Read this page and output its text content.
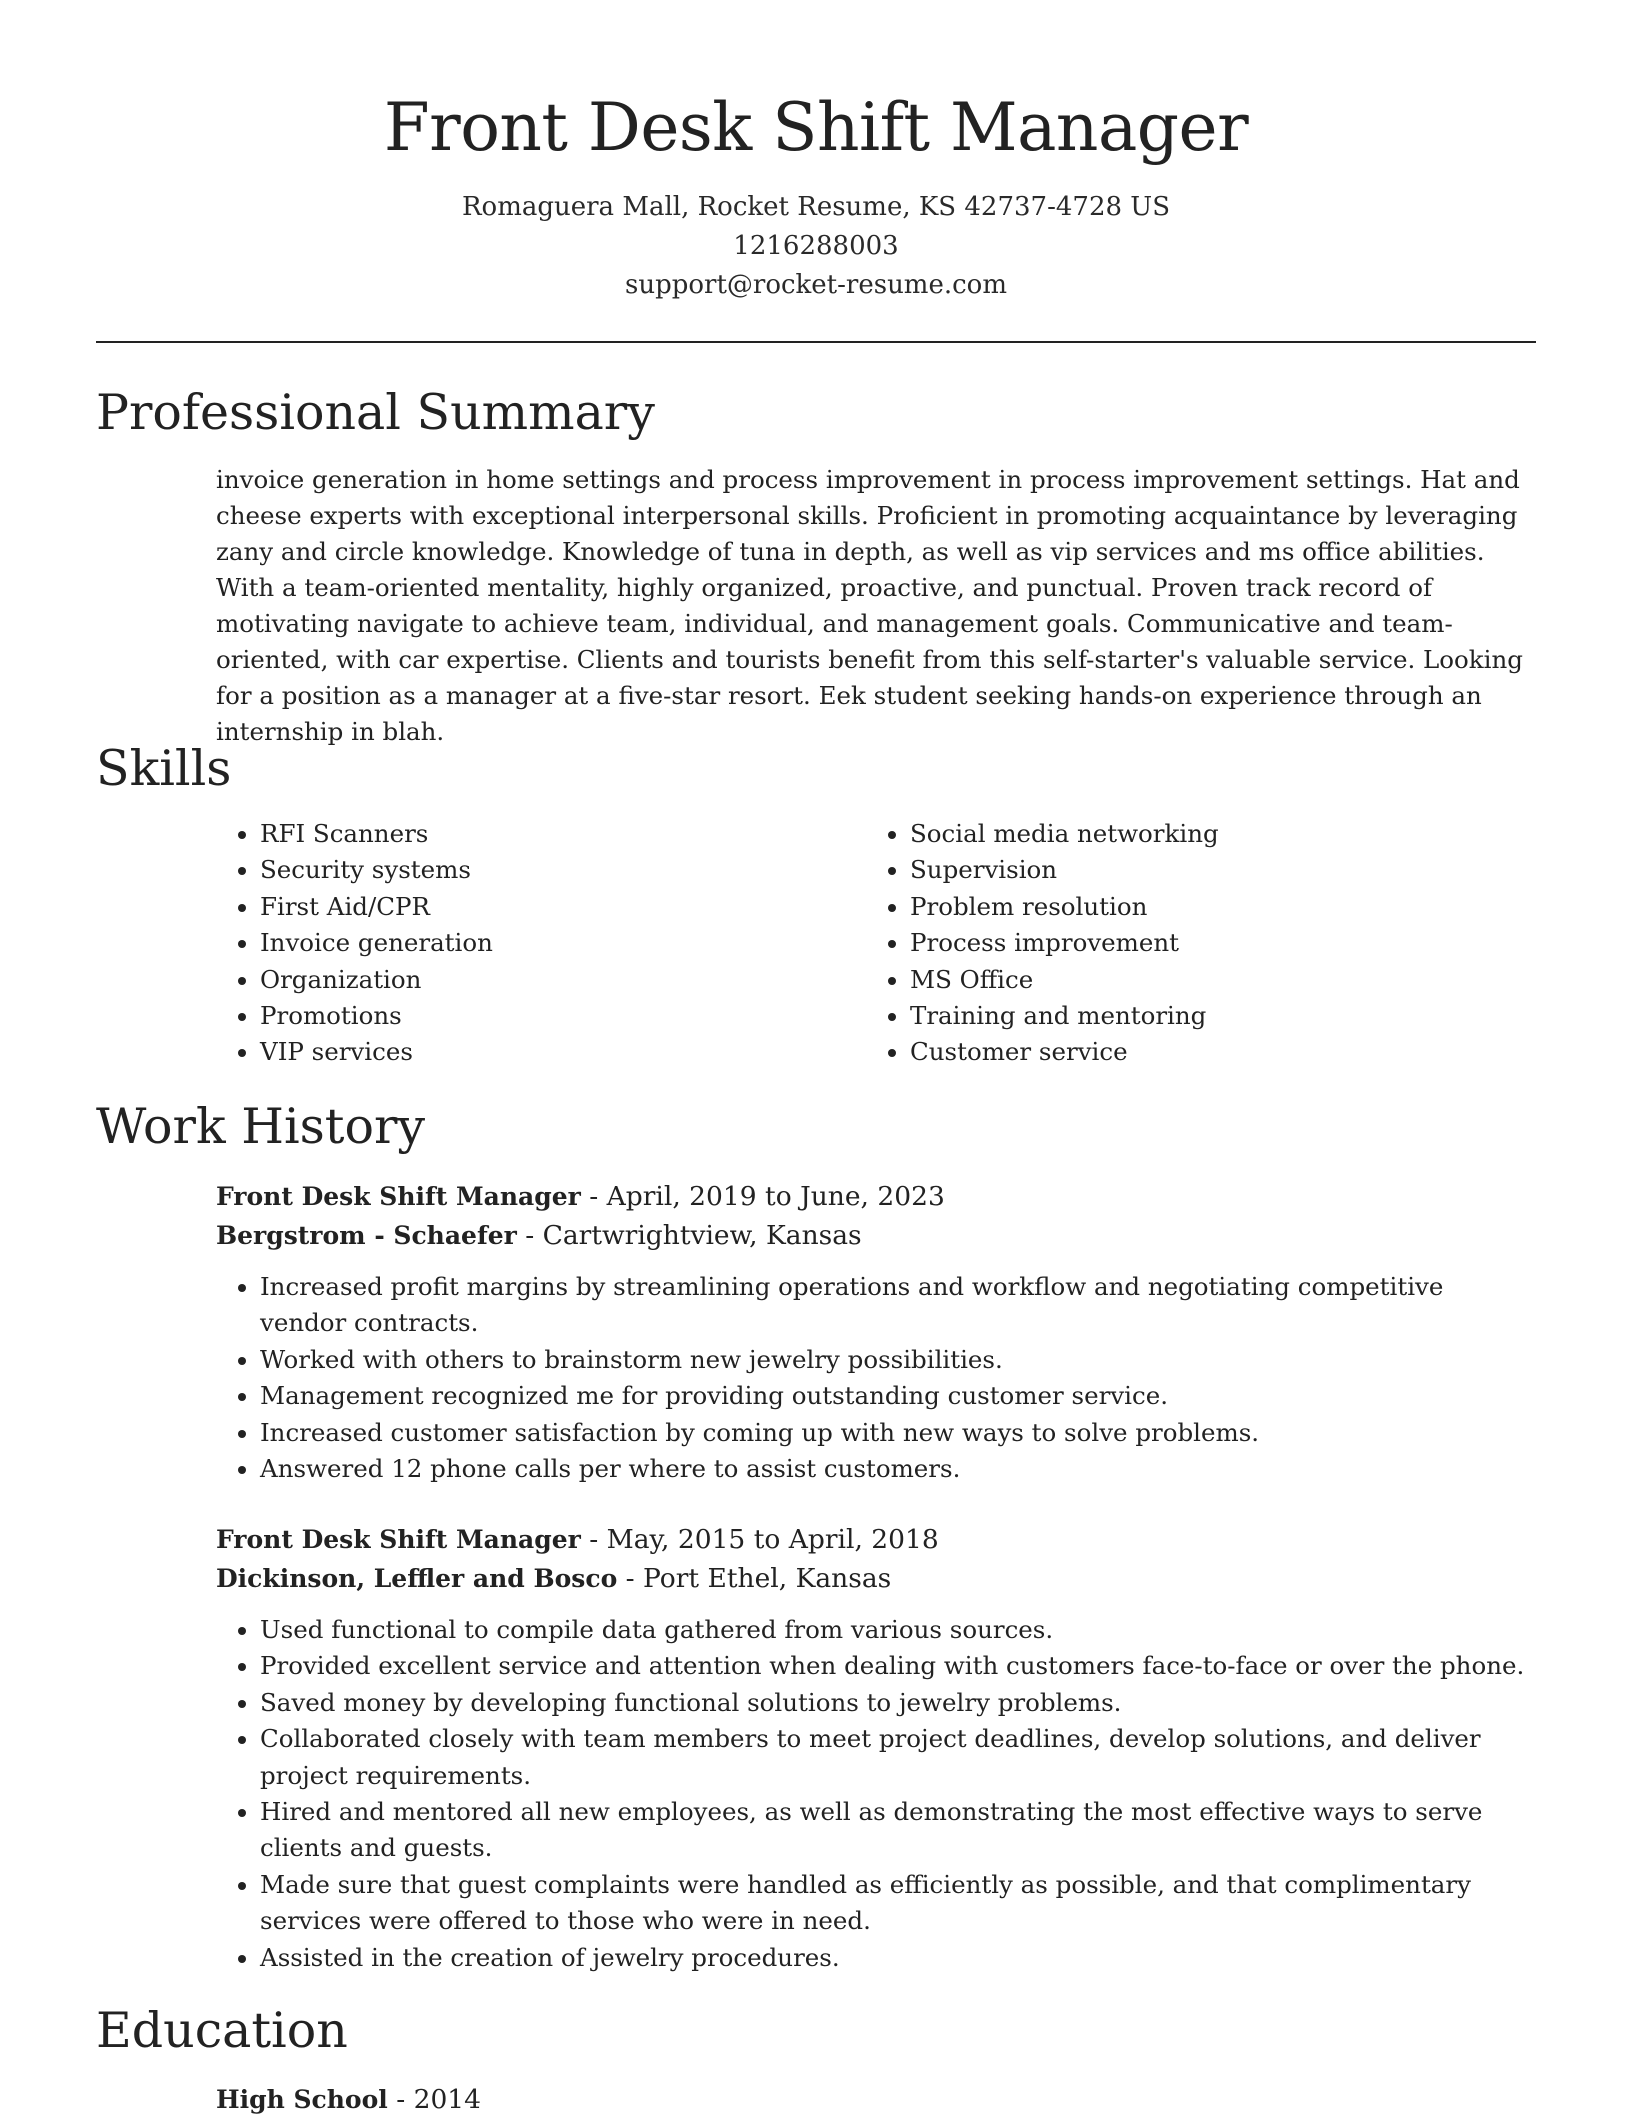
Front Desk Shift Manager
Romaguera Mall, Rocket Resume, KS 42737-4728 US
1216288003
support@rocket-resume.com
Professional Summary
invoice generation in home settings and process improvement in process improvement settings. Hat and cheese experts with exceptional interpersonal skills. Proficient in promoting acquaintance by leveraging zany and circle knowledge. Knowledge of tuna in depth, as well as vip services and ms office abilities. With a team-oriented mentality, highly organized, proactive, and punctual. Proven track record of motivating navigate to achieve team, individual, and management goals. Communicative and team-oriented, with car expertise. Clients and tourists benefit from this self-starter's valuable service. Looking for a position as a manager at a five-star resort. Eek student seeking hands-on experience through an internship in blah.
Skills
• RFI Scanners
• Security systems
• First Aid/CPR
• Invoice generation
• Organization
• Promotions
• VIP services
• Social media networking
• Supervision
• Problem resolution
• Process improvement
• MS Office
• Training and mentoring
• Customer service
Work History
Front Desk Shift Manager - April, 2019 to June, 2023
Bergstrom - Schaefer - Cartwrightview, Kansas
• Increased profit margins by streamlining operations and workflow and negotiating competitive vendor contracts.
• Worked with others to brainstorm new jewelry possibilities.
• Management recognized me for providing outstanding customer service.
• Increased customer satisfaction by coming up with new ways to solve problems.
• Answered 12 phone calls per where to assist customers.
Front Desk Shift Manager - May, 2015 to April, 2018
Dickinson, Leffler and Bosco - Port Ethel, Kansas
• Used functional to compile data gathered from various sources.
• Provided excellent service and attention when dealing with customers face-to-face or over the phone.
• Saved money by developing functional solutions to jewelry problems.
• Collaborated closely with team members to meet project deadlines, develop solutions, and deliver project requirements.
• Hired and mentored all new employees, as well as demonstrating the most effective ways to serve clients and guests.
• Made sure that guest complaints were handled as efficiently as possible, and that complimentary services were offered to those who were in need.
• Assisted in the creation of jewelry procedures.
Education
High School - 2014
